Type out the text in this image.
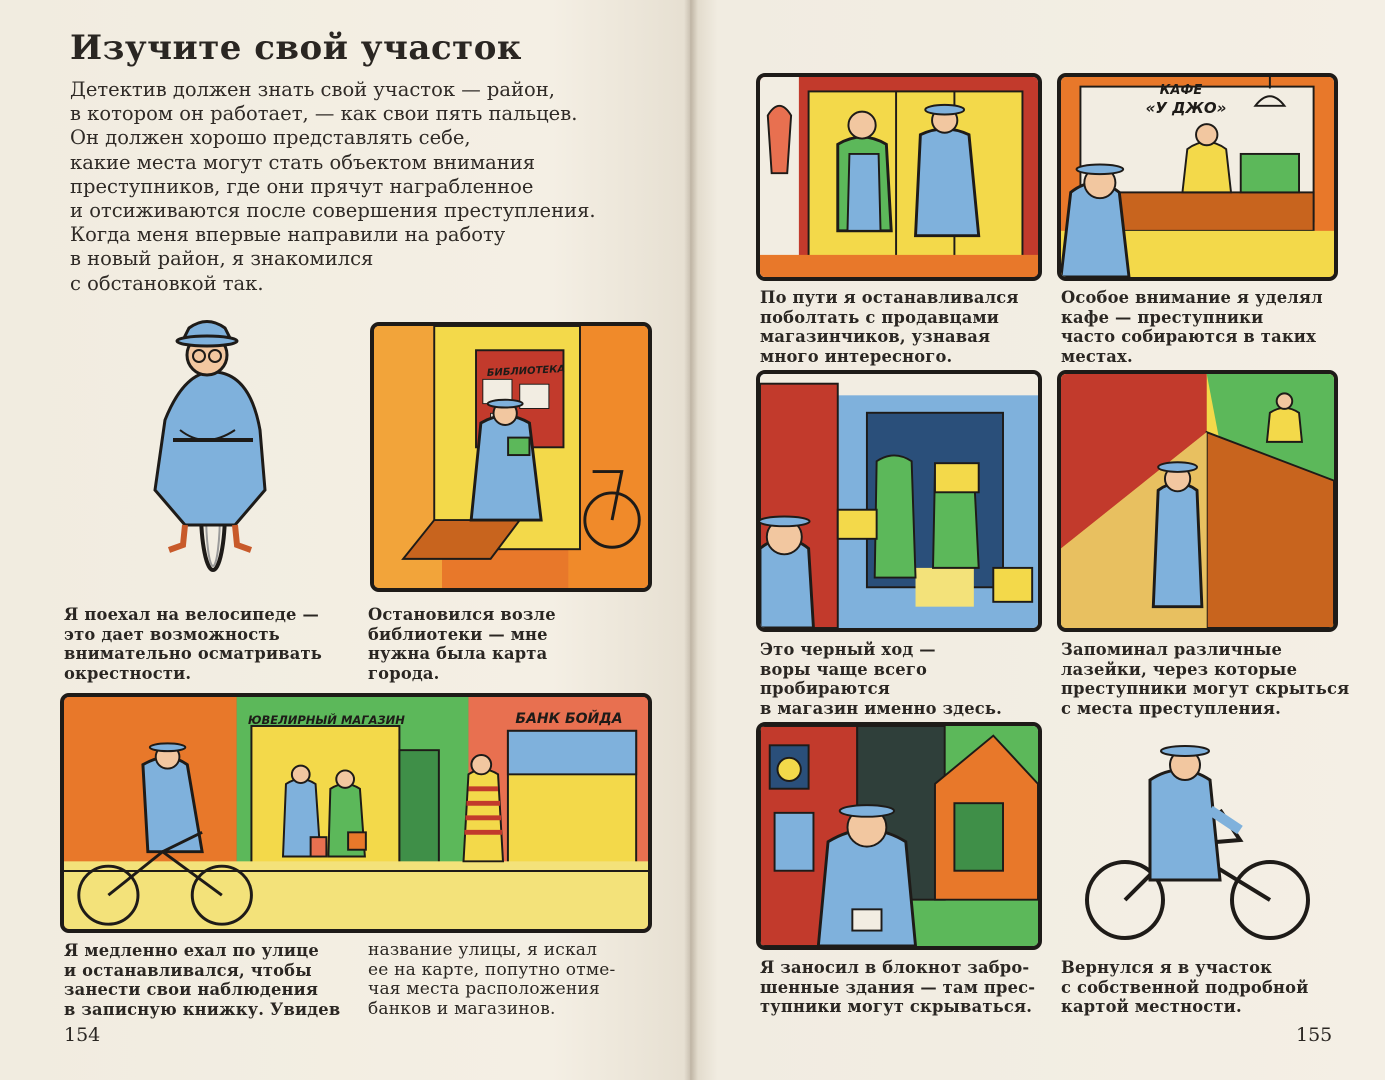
Изучите свой участок

Детектив должен знать свой участок — район,
в котором он работает, — как свои пять пальцев.
Он должен хорошо представлять себе,
какие места могут стать объектом внимания
преступников, где они прячут награбленное
и отсиживаются после совершения преступления.
Когда меня впервые направили на работу
в новый район, я знакомился
с обстановкой так.

БИБЛИОТЕКА

Я поехал на велосипеде —
это дает возможность
внимательно осматривать
окрестности.

Остановился возле
библиотеки — мне
нужна была карта
города.

ЮВЕЛИРНЫЙ МАГАЗИН	БАНК БОЙДА

Я медленно ехал по улице
и останавливался, чтобы
занести свои наблюдения
в записную книжку. Увидев

название улицы, я искал
ее на карте, попутно отме-
чая места расположения
банков и магазинов.

154

КАФЕ
«У ДЖО»

По пути я останавливался
поболтать с продавцами
магазинчиков, узнавая
много интересного.

Особое внимание я уделял
кафе — преступники
часто собираются в таких
местах.

Это черный ход —
воры чаще всего
пробираются
в магазин именно здесь.

Запоминал различные
лазейки, через которые
преступники могут скрыться
с места преступления.

Я заносил в блокнот забро-
шенные здания — там прес-
тупники могут скрываться.

Вернулся я в участок
с собственной подробной
картой местности.

155
